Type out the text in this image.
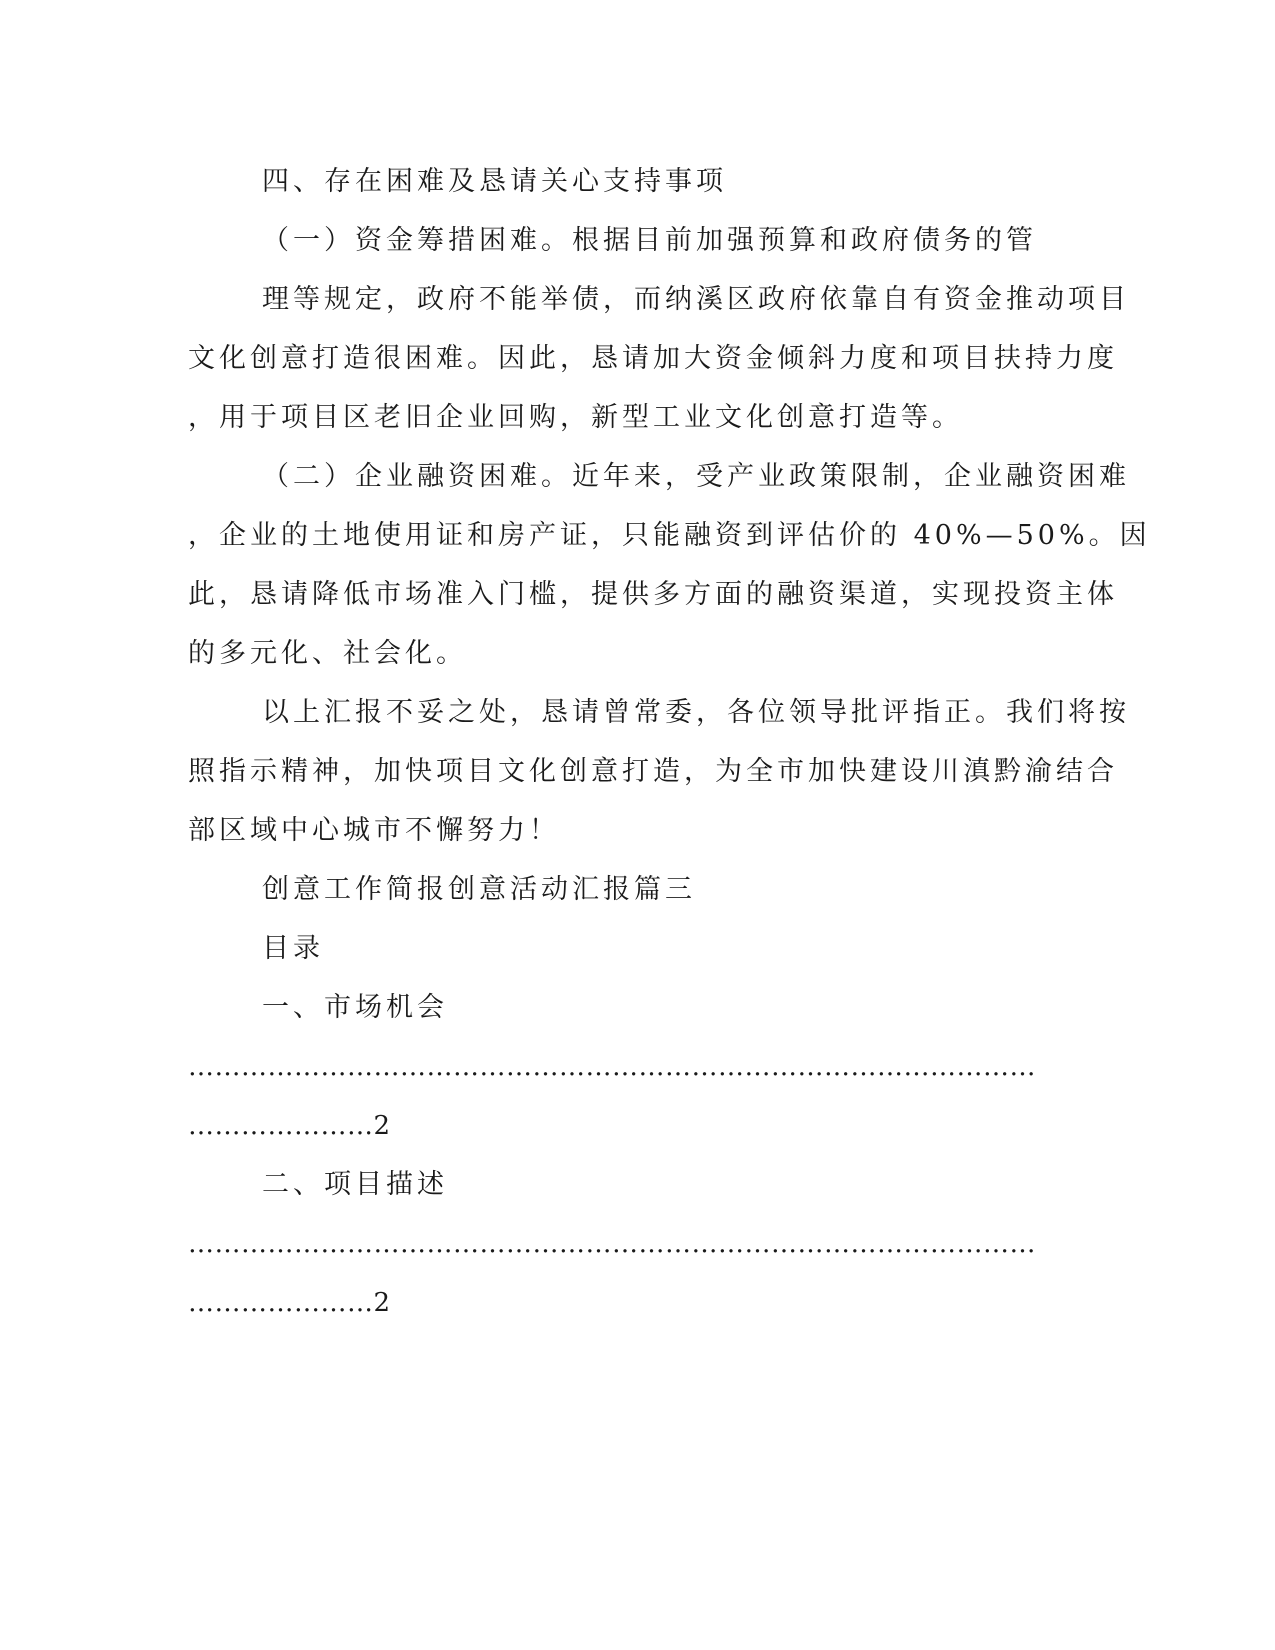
四、存在困难及恳请关心支持事项
（一）资金筹措困难。根据目前加强预算和政府债务的管
理等规定，政府不能举债，而纳溪区政府依靠自有资金推动项目
文化创意打造很困难。因此，恳请加大资金倾斜力度和项目扶持力度
，用于项目区老旧企业回购，新型工业文化创意打造等。
（二）企业融资困难。近年来，受产业政策限制，企业融资困难
，企业的土地使用证和房产证，只能融资到评估价的 40%—50%。因
此，恳请降低市场准入门槛，提供多方面的融资渠道，实现投资主体
的多元化、社会化。
以上汇报不妥之处，恳请曾常委，各位领导批评指正。我们将按
照指示精神，加快项目文化创意打造，为全市加快建设川滇黔渝结合
部区域中心城市不懈努力！
创意工作简报创意活动汇报篇三
目录
一、市场机会
……………………………………………………………………………………
…………………2
二、项目描述
……………………………………………………………………………………
…………………2
